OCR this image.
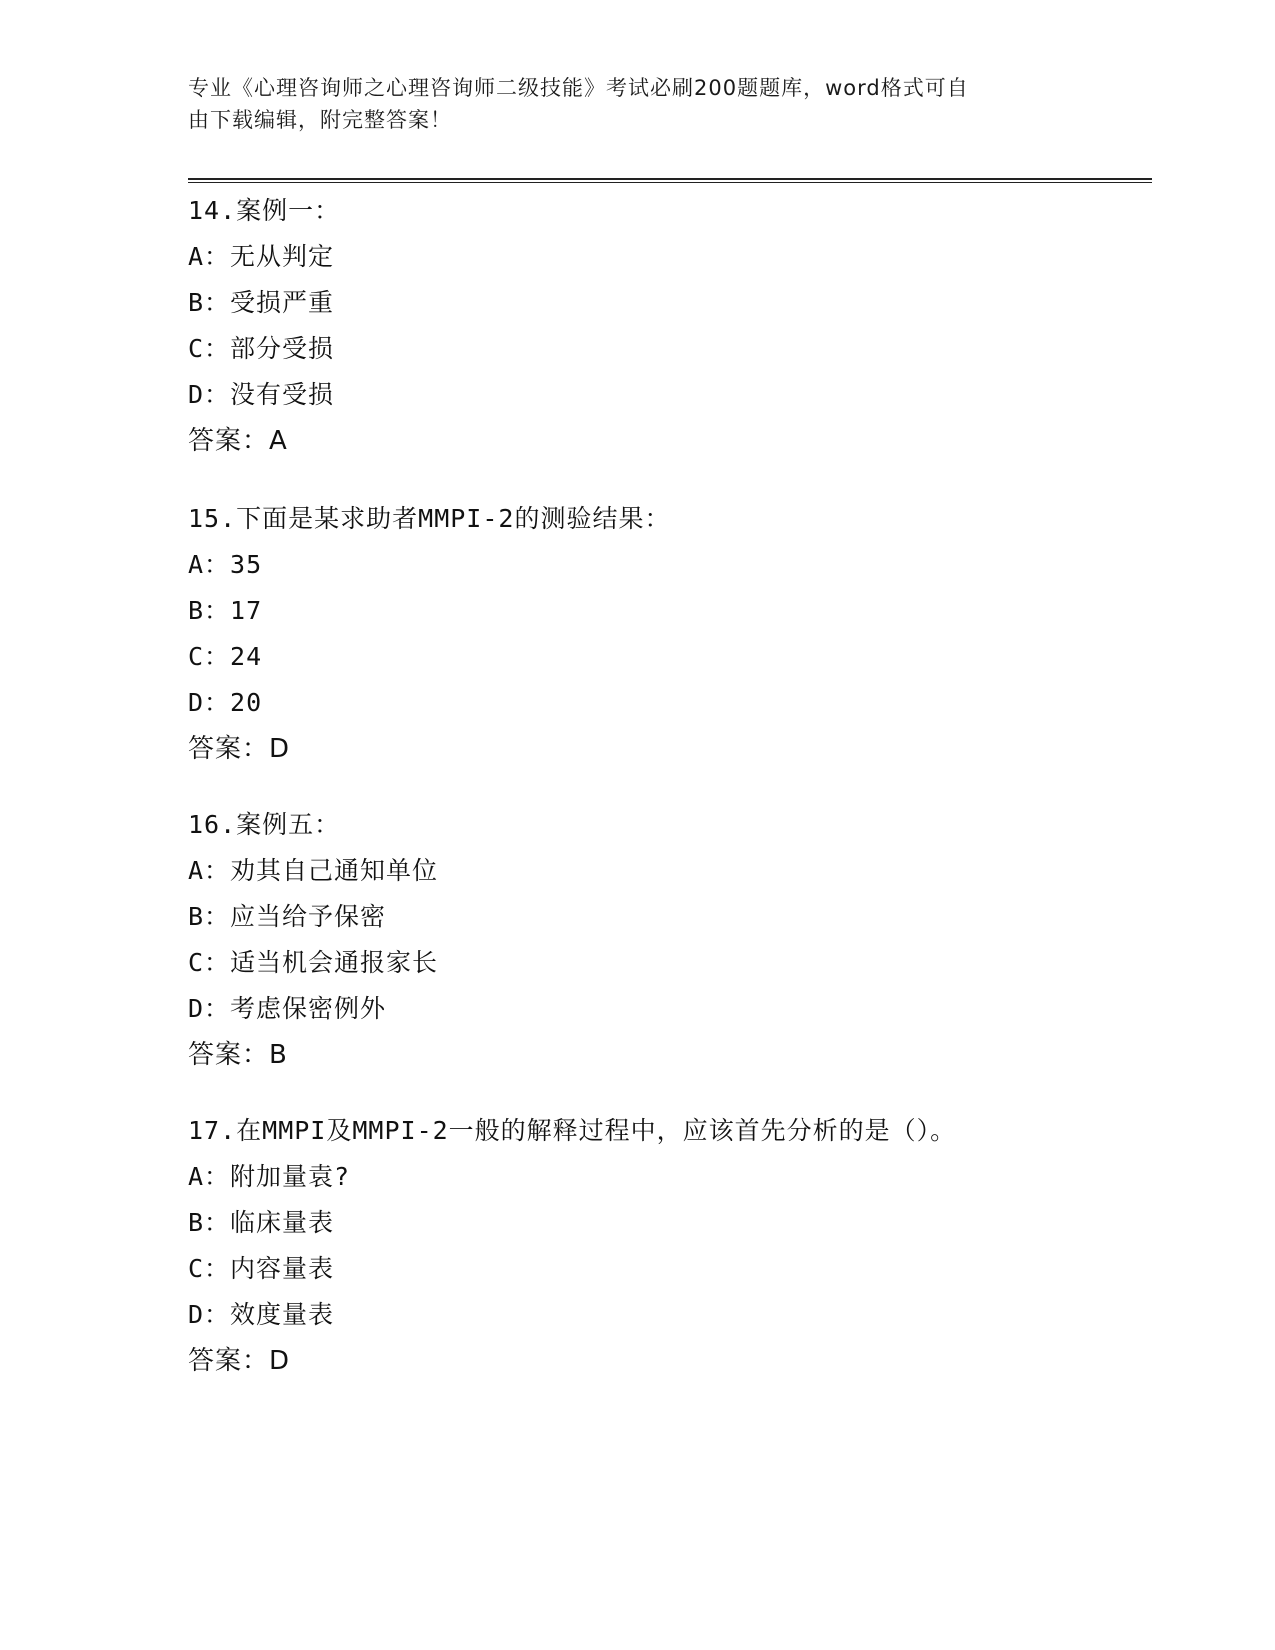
专业《心理咨询师之心理咨询师二级技能》考试必刷200题题库，word格式可自
由下载编辑，附完整答案！
14.案例一：
A：无从判定
B：受损严重
C：部分受损
D：没有受损
答案：A
15.下面是某求助者MMPI-2的测验结果：
A：35
B：17
C：24
D：20
答案：D
16.案例五：
A：劝其自己通知单位
B：应当给予保密
C：适当机会通报家长
D：考虑保密例外
答案：B
17.在MMPI及MMPI-2一般的解释过程中，应该首先分析的是（）。
A：附加量袁?
B：临床量表
C：内容量表
D：效度量表
答案：D
